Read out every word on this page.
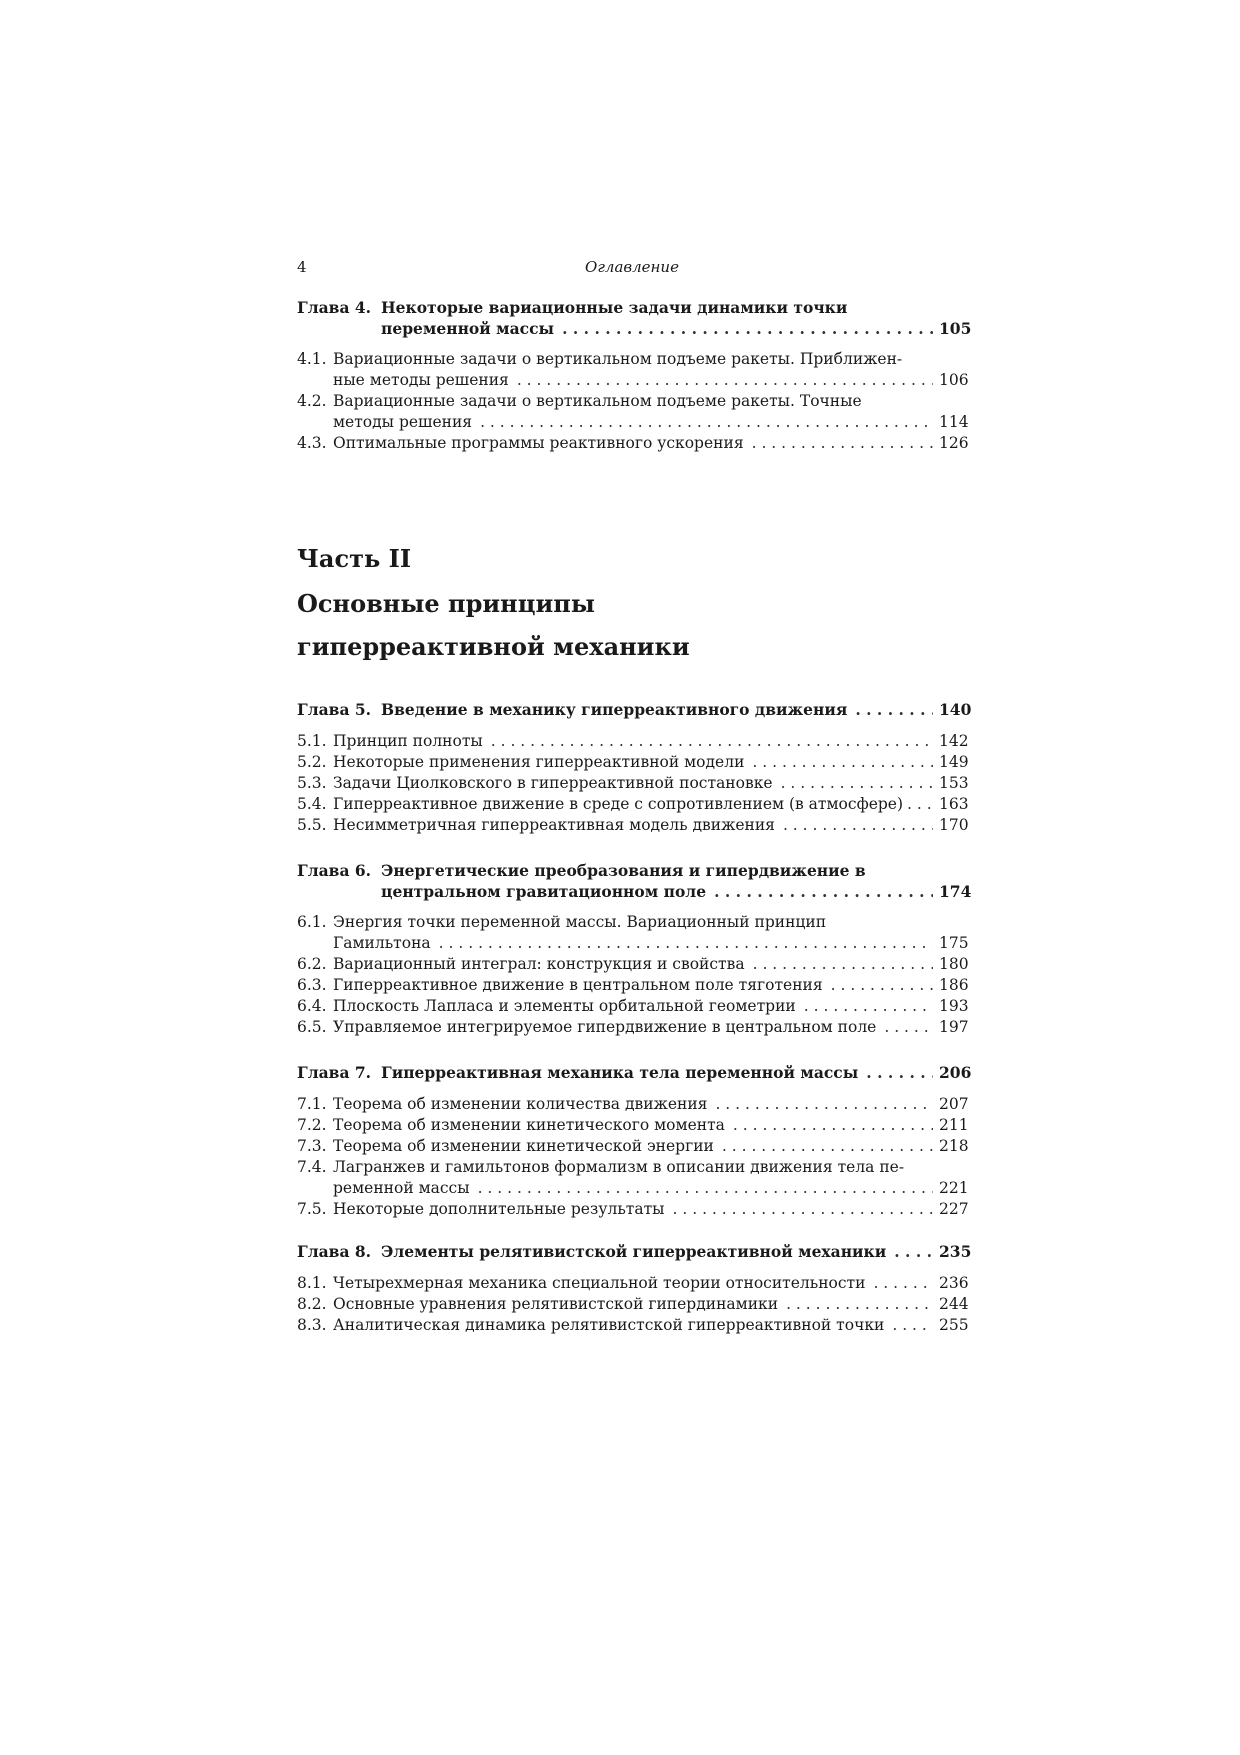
4	Оглавление
Глава 4. Некоторые вариационные задачи динамики точки
переменной массы . . .	105
4.1. Вариационные задачи о вертикальном подъеме ракеты. Приближен-
ные методы решения . . .	106
4.2. Вариационные задачи о вертикальном подъеме ракеты. Точные
методы решения . . .	114
4.3. Оптимальные программы реактивного ускорения . . .	126
Часть II
Основные принципы
гиперреактивной механики
Глава 5. Введение в механику гиперреактивного движения . . .	140
5.1. Принцип полноты . . .	142
5.2. Некоторые применения гиперреактивной модели . . .	149
5.3. Задачи Циолковского в гиперреактивной постановке . . .	153
5.4. Гиперреактивное движение в среде с сопротивлением (в атмосфере) . . . 163
5.5. Несимметричная гиперреактивная модель движения . . .	170
Глава 6. Энергетические преобразования и гипердвижение в
центральном гравитационном поле . . .	174
6.1. Энергия точки переменной массы. Вариационный принцип
Гамильтона . . .	175
6.2. Вариационный интеграл: конструкция и свойства . . .	180
6.3. Гиперреактивное движение в центральном поле тяготения . . .	186
6.4. Плоскость Лапласа и элементы орбитальной геометрии . . .	193
6.5. Управляемое интегрируемое гипердвижение в центральном поле . . .	197
Глава 7. Гиперреактивная механика тела переменной массы . . .	206
7.1. Теорема об изменении количества движения . . .	207
7.2. Теорема об изменении кинетического момента . . .	211
7.3. Теорема об изменении кинетической энергии . . .	218
7.4. Лагранжев и гамильтонов формализм в описании движения тела пе-
ременной массы . . .	221
7.5. Некоторые дополнительные результаты . . .	227
Глава 8. Элементы релятивистской гиперреактивной механики . . .	235
8.1. Четырехмерная механика специальной теории относительности . . .	236
8.2. Основные уравнения релятивистской гипердинамики . . .	244
8.3. Аналитическая динамика релятивистской гиперреактивной точки . . .	255
